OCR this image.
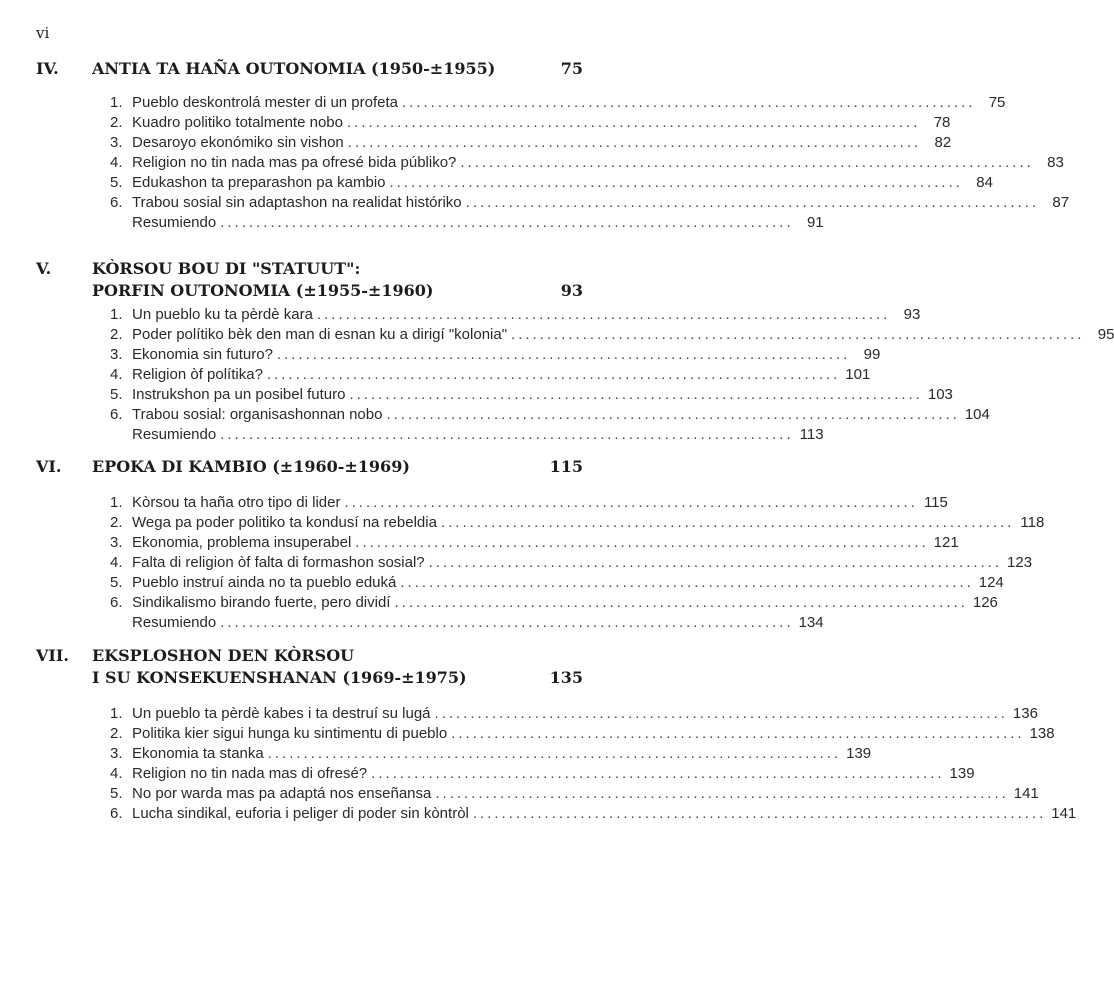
vi
IV. ANTIA TA HAÑA OUTONOMIA (1950-±1955)	75
1. Pueblo deskontrolá mester di un profeta ................................................................................ 75
2. Kuadro politiko totalmente nobo ................................................................................ 78
3. Desaroyo ekonómiko sin vishon ................................................................................ 82
4. Religion no tin nada mas pa ofresé bida públiko? ................................................................................ 83
5. Edukashon ta preparashon pa kambio ................................................................................ 84
6. Trabou sosial sin adaptashon na realidat históriko ................................................................................ 87
Resumiendo ................................................................................ 91
V.	KÒRSOU BOU DI "STATUUT":
PORFIN OUTONOMIA (±1955-±1960)	93
1. Un pueblo ku ta pèrdè kara ................................................................................ 93
2. Poder polítiko bèk den man di esnan ku a dirigí "kolonia" ................................................................................ 95
3. Ekonomia sin futuro? ................................................................................ 99
4. Religion òf polítika? ................................................................................ 101
5. Instrukshon pa un posibel futuro ................................................................................ 103
6. Trabou sosial: organisashonnan nobo ................................................................................ 104
Resumiendo ................................................................................ 113
VI. EPOKA DI KAMBIO (±1960-±1969)	115
1. Kòrsou ta haña otro tipo di lider ................................................................................ 115
2. Wega pa poder politiko ta kondusí na rebeldia ................................................................................ 118
3. Ekonomia, problema insuperabel ................................................................................ 121
4. Falta di religion òf falta di formashon sosial? ................................................................................ 123
5. Pueblo instruí ainda no ta pueblo eduká ................................................................................ 124
6. Sindikalismo birando fuerte, pero dividí ................................................................................ 126
Resumiendo ................................................................................ 134
VII. EKSPLOSHON DEN KÒRSOU
I SU KONSEKUENSHANAN (1969-±1975)	135
1. Un pueblo ta pèrdè kabes i ta destruí su lugá ................................................................................ 136
2. Politika kier sigui hunga ku sintimentu di pueblo ................................................................................ 138
3. Ekonomia ta stanka ................................................................................ 139
4. Religion no tin nada mas di ofresé? ................................................................................ 139
5. No por warda mas pa adaptá nos enseñansa ................................................................................ 141
6. Lucha sindikal, euforia i peliger di poder sin kòntròl ................................................................................ 141
